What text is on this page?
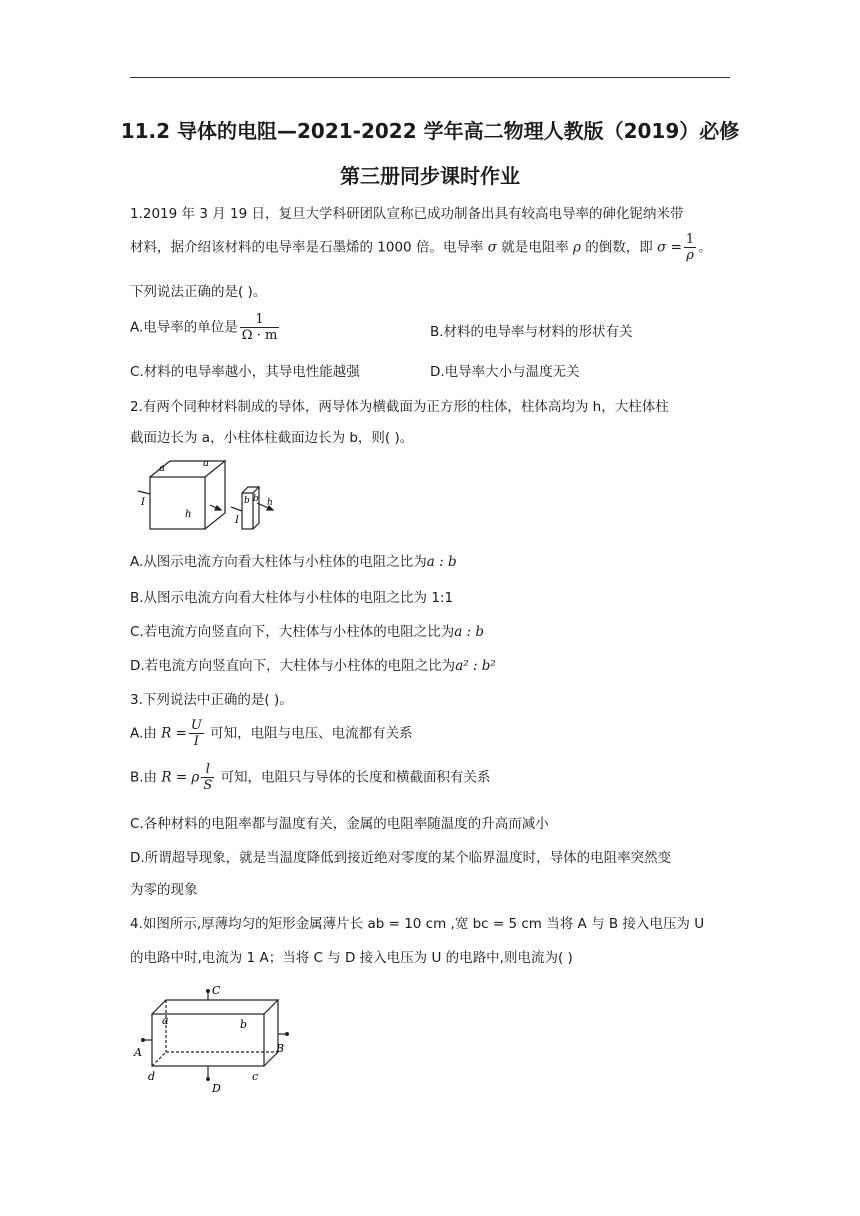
11.2 导体的电阻—2021-2022 学年高二物理人教版（2019）必修
第三册同步课时作业
1.2019 年 3 月 19 日，复旦大学科研团队宣称已成功制备出具有较高电导率的砷化铌纳米带
材料，据介绍该材料的电导率是石墨烯的 1000 倍。电导率 σ 就是电阻率 ρ 的倒数，即 $\sigma = \frac{1}{\rho}$ 。
下列说法正确的是( )。
A.电导率的单位是 $\frac{1}{\Omega \cdot m}$	B.材料的电导率与材料的形状有关
C.材料的电导率越小，其导电性能越强	D.电导率大小与温度无关
2.有两个同种材料制成的导体，两导体为横截面为正方形的柱体，柱体高均为 h，大柱体柱
截面边长为 a，小柱体柱截面边长为 b，则( )。
a	a
h
I
I
b b h
A.从图示电流方向看大柱体与小柱体的电阻之比为a : b
B.从图示电流方向看大柱体与小柱体的电阻之比为 1:1
C.若电流方向竖直向下，大柱体与小柱体的电阻之比为a : b
D.若电流方向竖直向下，大柱体与小柱体的电阻之比为a² : b²
3.下列说法中正确的是( )。
A.由 $R = \frac{U}{I}$ 可知，电阻与电压、电流都有关系
B.由 R = ρ $\frac{l}{S}$ 可知，电阻只与导体的长度和横截面积有关系
C.各种材料的电阻率都与温度有关，金属的电阻率随温度的升高而减小
D.所谓超导现象，就是当温度降低到接近绝对零度的某个临界温度时，导体的电阻率突然变
为零的现象
4.如图所示,厚薄均匀的矩形金属薄片长 ab = 10 cm ,宽 bc = 5 cm 当将 A 与 B 接入电压为 U
的电路中时,电流为 1 A；当将 C 与 D 接入电压为 U 的电路中,则电流为( )
C
a	b
A	B
d	c
D
